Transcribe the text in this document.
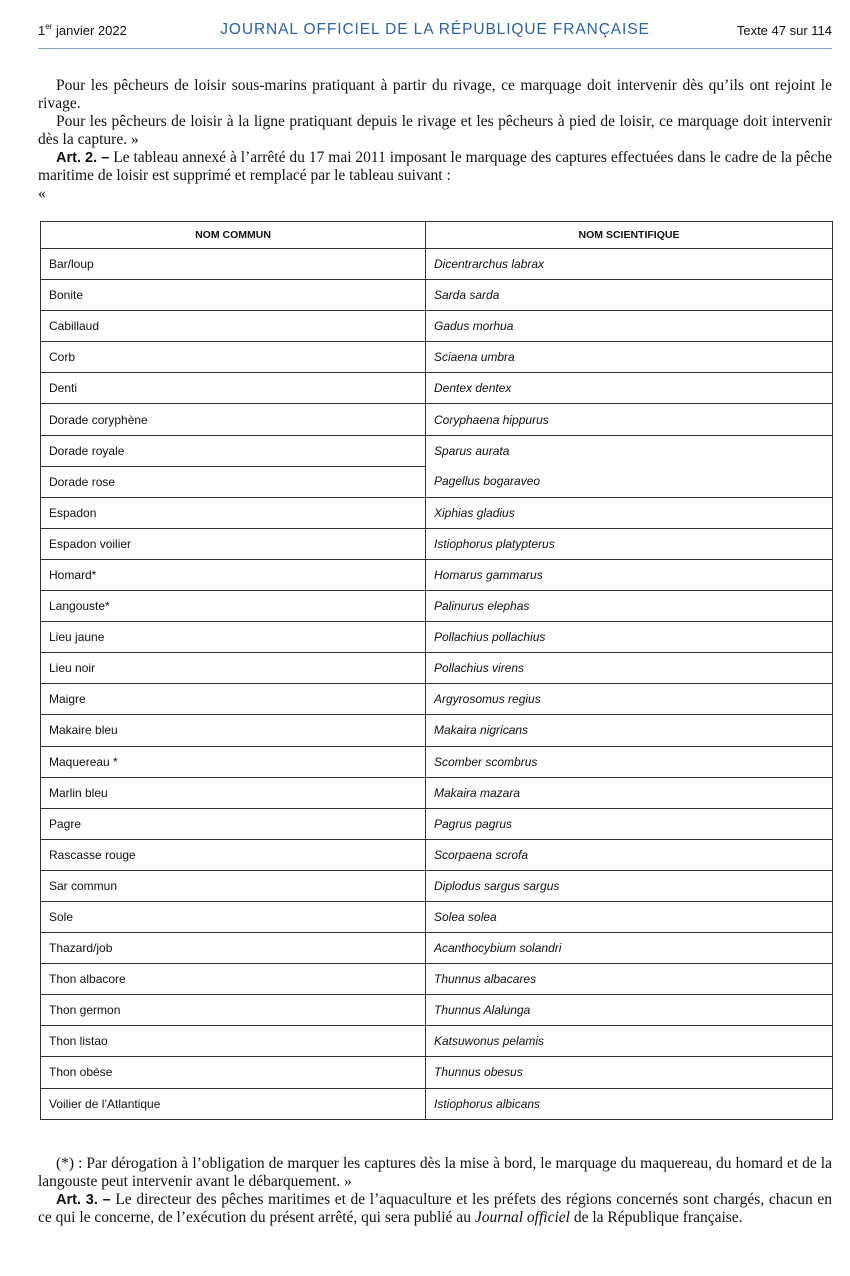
1er janvier 2022	JOURNAL OFFICIEL DE LA RÉPUBLIQUE FRANÇAISE	Texte 47 sur 114

Pour les pêcheurs de loisir sous-marins pratiquant à partir du rivage, ce marquage doit intervenir dès qu’ils ont rejoint le rivage.

Pour les pêcheurs de loisir à la ligne pratiquant depuis le rivage et les pêcheurs à pied de loisir, ce marquage doit intervenir dès la capture. »

Art. 2. – Le tableau annexé à l’arrêté du 17 mai 2011 imposant le marquage des captures effectuées dans le cadre de la pêche maritime de loisir est supprimé et remplacé par le tableau suivant :

«

NOM COMMUN	NOM SCIENTIFIQUE
Bar/loup	Dicentrarchus labrax
Bonite	Sarda sarda
Cabillaud	Gadus morhua
Corb	Sciaena umbra
Denti	Dentex dentex
Dorade coryphène	Coryphaena hippurus
Dorade royale	Sparus aurata
Dorade rose	Pagellus bogaraveo
Espadon	Xiphias gladius
Espadon voilier	Istiophorus platypterus
Homard*	Homarus gammarus
Langouste*	Palinurus elephas
Lieu jaune	Pollachius pollachius
Lieu noir	Pollachius virens
Maigre	Argyrosomus regius
Makaire bleu	Makaira nigricans
Maquereau *	Scomber scombrus
Marlin bleu	Makaira mazara
Pagre	Pagrus pagrus
Rascasse rouge	Scorpaena scrofa
Sar commun	Diplodus sargus sargus
Sole	Solea solea
Thazard/job	Acanthocybium solandri
Thon albacore	Thunnus albacares
Thon germon	Thunnus Alalunga
Thon listao	Katsuwonus pelamis
Thon obèse	Thunnus obesus
Voilier de l’Atlantique	Istiophorus albicans

(*) : Par dérogation à l’obligation de marquer les captures dès la mise à bord, le marquage du maquereau, du homard et de la langouste peut intervenir avant le débarquement. »

Art. 3. – Le directeur des pêches maritimes et de l’aquaculture et les préfets des régions concernés sont chargés, chacun en ce qui le concerne, de l’exécution du présent arrêté, qui sera publié au Journal officiel de la République française.
